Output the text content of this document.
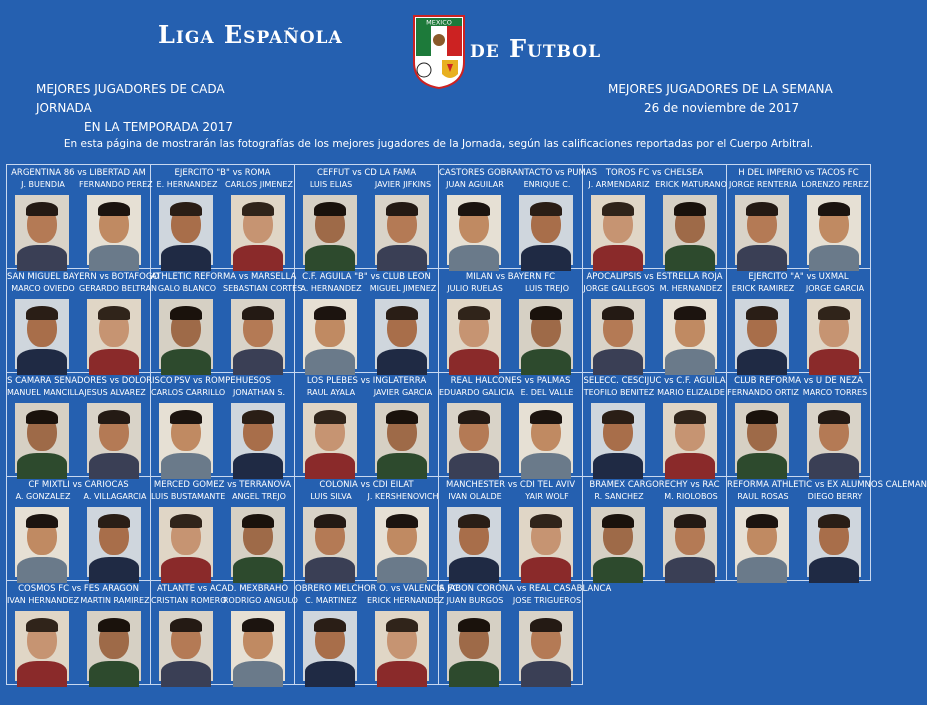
Liga Española	MEXICO
de Futbol
MEJORES JUGADORES DE CADA JORNADA
EN LA TEMPORADA 2017
MEJORES JUGADORES DE LA SEMANA
26 de noviembre de 2017
En esta página de mostrarán las fotografías de los mejores jugadores de la Jornada, según las calificaciones reportadas por el Cuerpo Arbitral.
ARGENTINA 86 vs LIBERTAD AM
J. BUENDIA	FERNANDO PEREZ
EJERCITO "B" vs ROMA
E. HERNANDEZ CARLOS JIMENEZ
CEFFUT vs CD LA FAMA
LUIS ELIAS	JAVIER JIFKINS
CASTORES GOBRANTACTO vs PUMAS
JUAN AGUILAR	ENRIQUE C.
TOROS FC vs CHELSEA
J. ARMENDARIZ ERICK MATURANO
H DEL IMPERIO vs TACOS FC
JORGE RENTERIA LORENZO PEREZ
SAN MIGUEL BAYERN vs BOTAFOGO
MARCO OVIEDO GERARDO BELTRAN
ATHLETIC REFORMA vs MARSELLA
GALO BLANCO SEBASTIAN CORTES
C.F. AGUILA "B" vs CLUB LEON
A. HERNANDEZ	MIGUEL JIMENEZ
MILAN vs BAYERN FC
JULIO RUELAS	LUIS TREJO
APOCALIPSIS vs ESTRELLA ROJA
JORGE GALLEGOS M. HERNANDEZ
EJERCITO "A" vs UXMAL
ERICK RAMIREZ	JORGE GARCIA
S CAMARA SENADORES vs DOLORISCO
MANUEL MANCILLA JESUS ALVAREZ
PSV vs ROMPEHUESOS
CARLOS CARRILLO JONATHAN S.
LOS PLEBES vs INGLATERRA
RAUL AYALA	JAVIER GARCIA
REAL HALCONES vs PALMAS
EDUARDO GALICIA E. DEL VALLE
SELECC. CESCIJUC vs C.F. AGUILA
TEOFILO BENITEZ MARIO ELIZALDE
CLUB REFORMA vs U DE NEZA
FERNANDO ORTIZ MARCO TORRES
CF MIXTLI vs CARIOCAS
A. GONZALEZ	A. VILLAGARCIA
MERCED GOMEZ vs TERRANOVA
LUIS BUSTAMANTE ANGEL TREJO
COLONIA vs CDI EILAT
LUIS SILVA	J. KERSHENOVICH
MANCHESTER vs CDI TEL AVIV
IVAN OLALDE	YAIR WOLF
BRAMEX CARGORECHY vs RAC
R. SANCHEZ	M. RIOLOBOS
REFORMA ATHLETIC vs EX ALUMNOS CALEMAN
RAUL ROSAS	DIEGO BERRY
COSMOS FC vs FES ARAGON
IVAN HERNANDEZ MARTIN RAMIREZ
ATLANTE vs ACAD. MEXBRAHO
CRISTIAN ROMERO
RODRIGO ANGULO
OBRERO MELCHOR O. vs VALENCIA FC
C. MARTINEZ	ERICK HERNANDEZ
S JABON CORONA vs REAL CASABLANCA
JUAN BURGOS	JOSE TRIGUEROS
